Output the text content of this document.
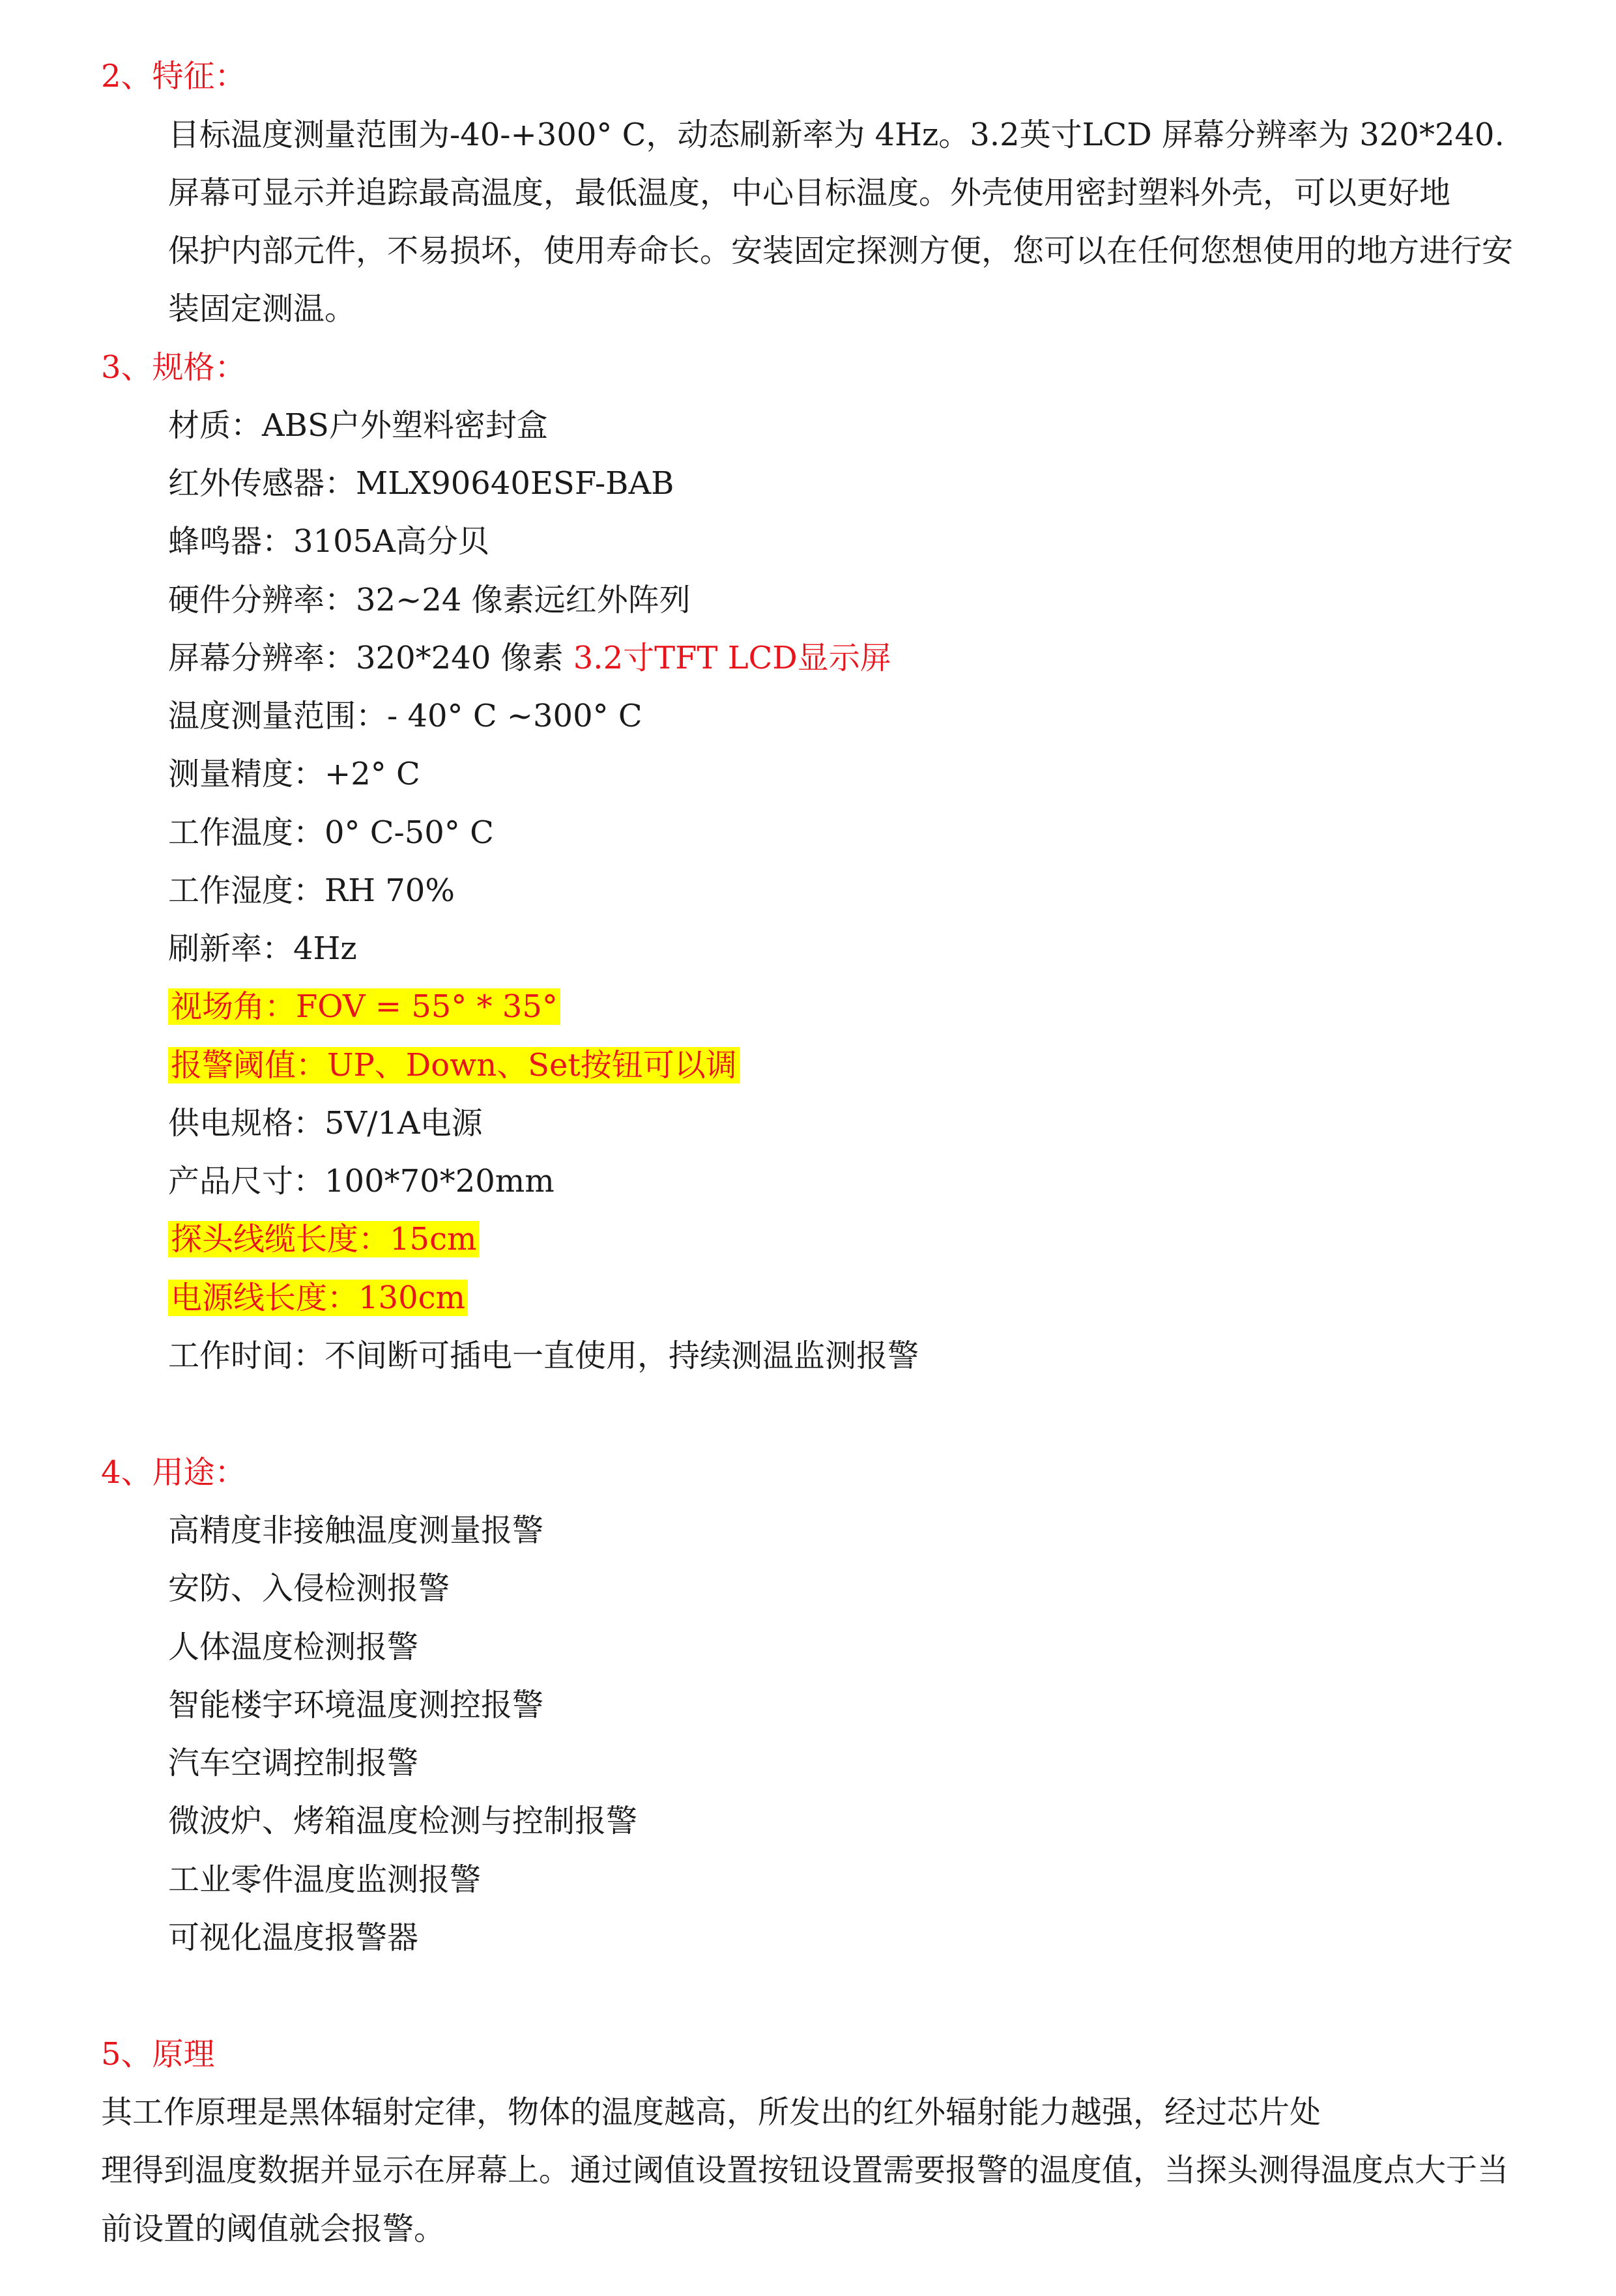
2、特征：
目标温度测量范围为-40-+300° C，动态刷新率为 4Hz。3.2英寸LCD 屏幕分辨率为 320*240.
屏幕可显示并追踪最高温度，最低温度，中心目标温度。外壳使用密封塑料外壳，可以更好地
保护内部元件，不易损坏，使用寿命长。安装固定探测方便，您可以在任何您想使用的地方进行安
装固定测温。
3、规格：
材质：ABS户外塑料密封盒
红外传感器：MLX90640ESF-BAB
蜂鸣器：3105A高分贝
硬件分辨率：32~24 像素远红外阵列
屏幕分辨率：320*240 像素 3.2寸TFT LCD显示屏
温度测量范围：- 40° C ~300° C
测量精度：+2° C
工作温度：0° C-50° C
工作湿度：RH 70%
刷新率：4Hz
视场角：FOV = 55° * 35°
报警阈值：UP、Down、Set按钮可以调
供电规格：5V/1A电源
产品尺寸：100*70*20mm
探头线缆长度：15cm
电源线长度：130cm
工作时间：不间断可插电一直使用，持续测温监测报警
4、用途：
高精度非接触温度测量报警
安防、入侵检测报警
人体温度检测报警
智能楼宇环境温度测控报警
汽车空调控制报警
微波炉、烤箱温度检测与控制报警
工业零件温度监测报警
可视化温度报警器
5、原理
其工作原理是黑体辐射定律，物体的温度越高，所发出的红外辐射能力越强，经过芯片处
理得到温度数据并显示在屏幕上。通过阈值设置按钮设置需要报警的温度值，当探头测得温度点大于当
前设置的阈值就会报警。
